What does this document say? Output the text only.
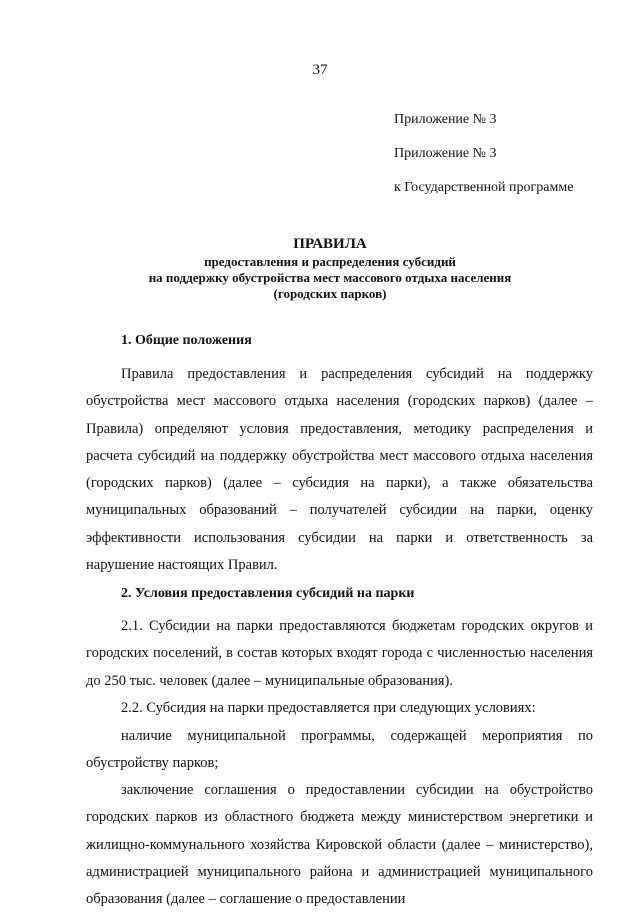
37
Приложение № 3
Приложение № 3
к Государственной программе
ПРАВИЛА
предоставления и распределения субсидий
на поддержку обустройства мест массового отдыха населения
(городских парков)
1. Общие положения

Правила предоставления и распределения субсидий на поддержку обустройства мест массового отдыха населения (городских парков) (далее – Правила) определяют условия предоставления, методику распределения и расчета субсидий на поддержку обустройства мест массового отдыха населения (городских парков) (далее – субсидия на парки), а также обязательства муниципальных образований – получателей субсидии на парки, оценку эффективности использования субсидии на парки и ответственность за нарушение настоящих Правил.

2. Условия предоставления субсидий на парки

2.1. Субсидии на парки предоставляются бюджетам городских округов и городских поселений, в состав которых входят города с численностью населения до 250 тыс. человек (далее – муниципальные образования).

2.2. Субсидия на парки предоставляется при следующих условиях:

наличие муниципальной программы, содержащей мероприятия по обустройству парков;

заключение соглашения о предоставлении субсидии на обустройство городских парков из областного бюджета между министерством энергетики и жилищно-коммунального хозяйства Кировской области (далее – министерство), администрацией муниципального района и администрацией муниципального образования (далее – соглашение о предоставлении
